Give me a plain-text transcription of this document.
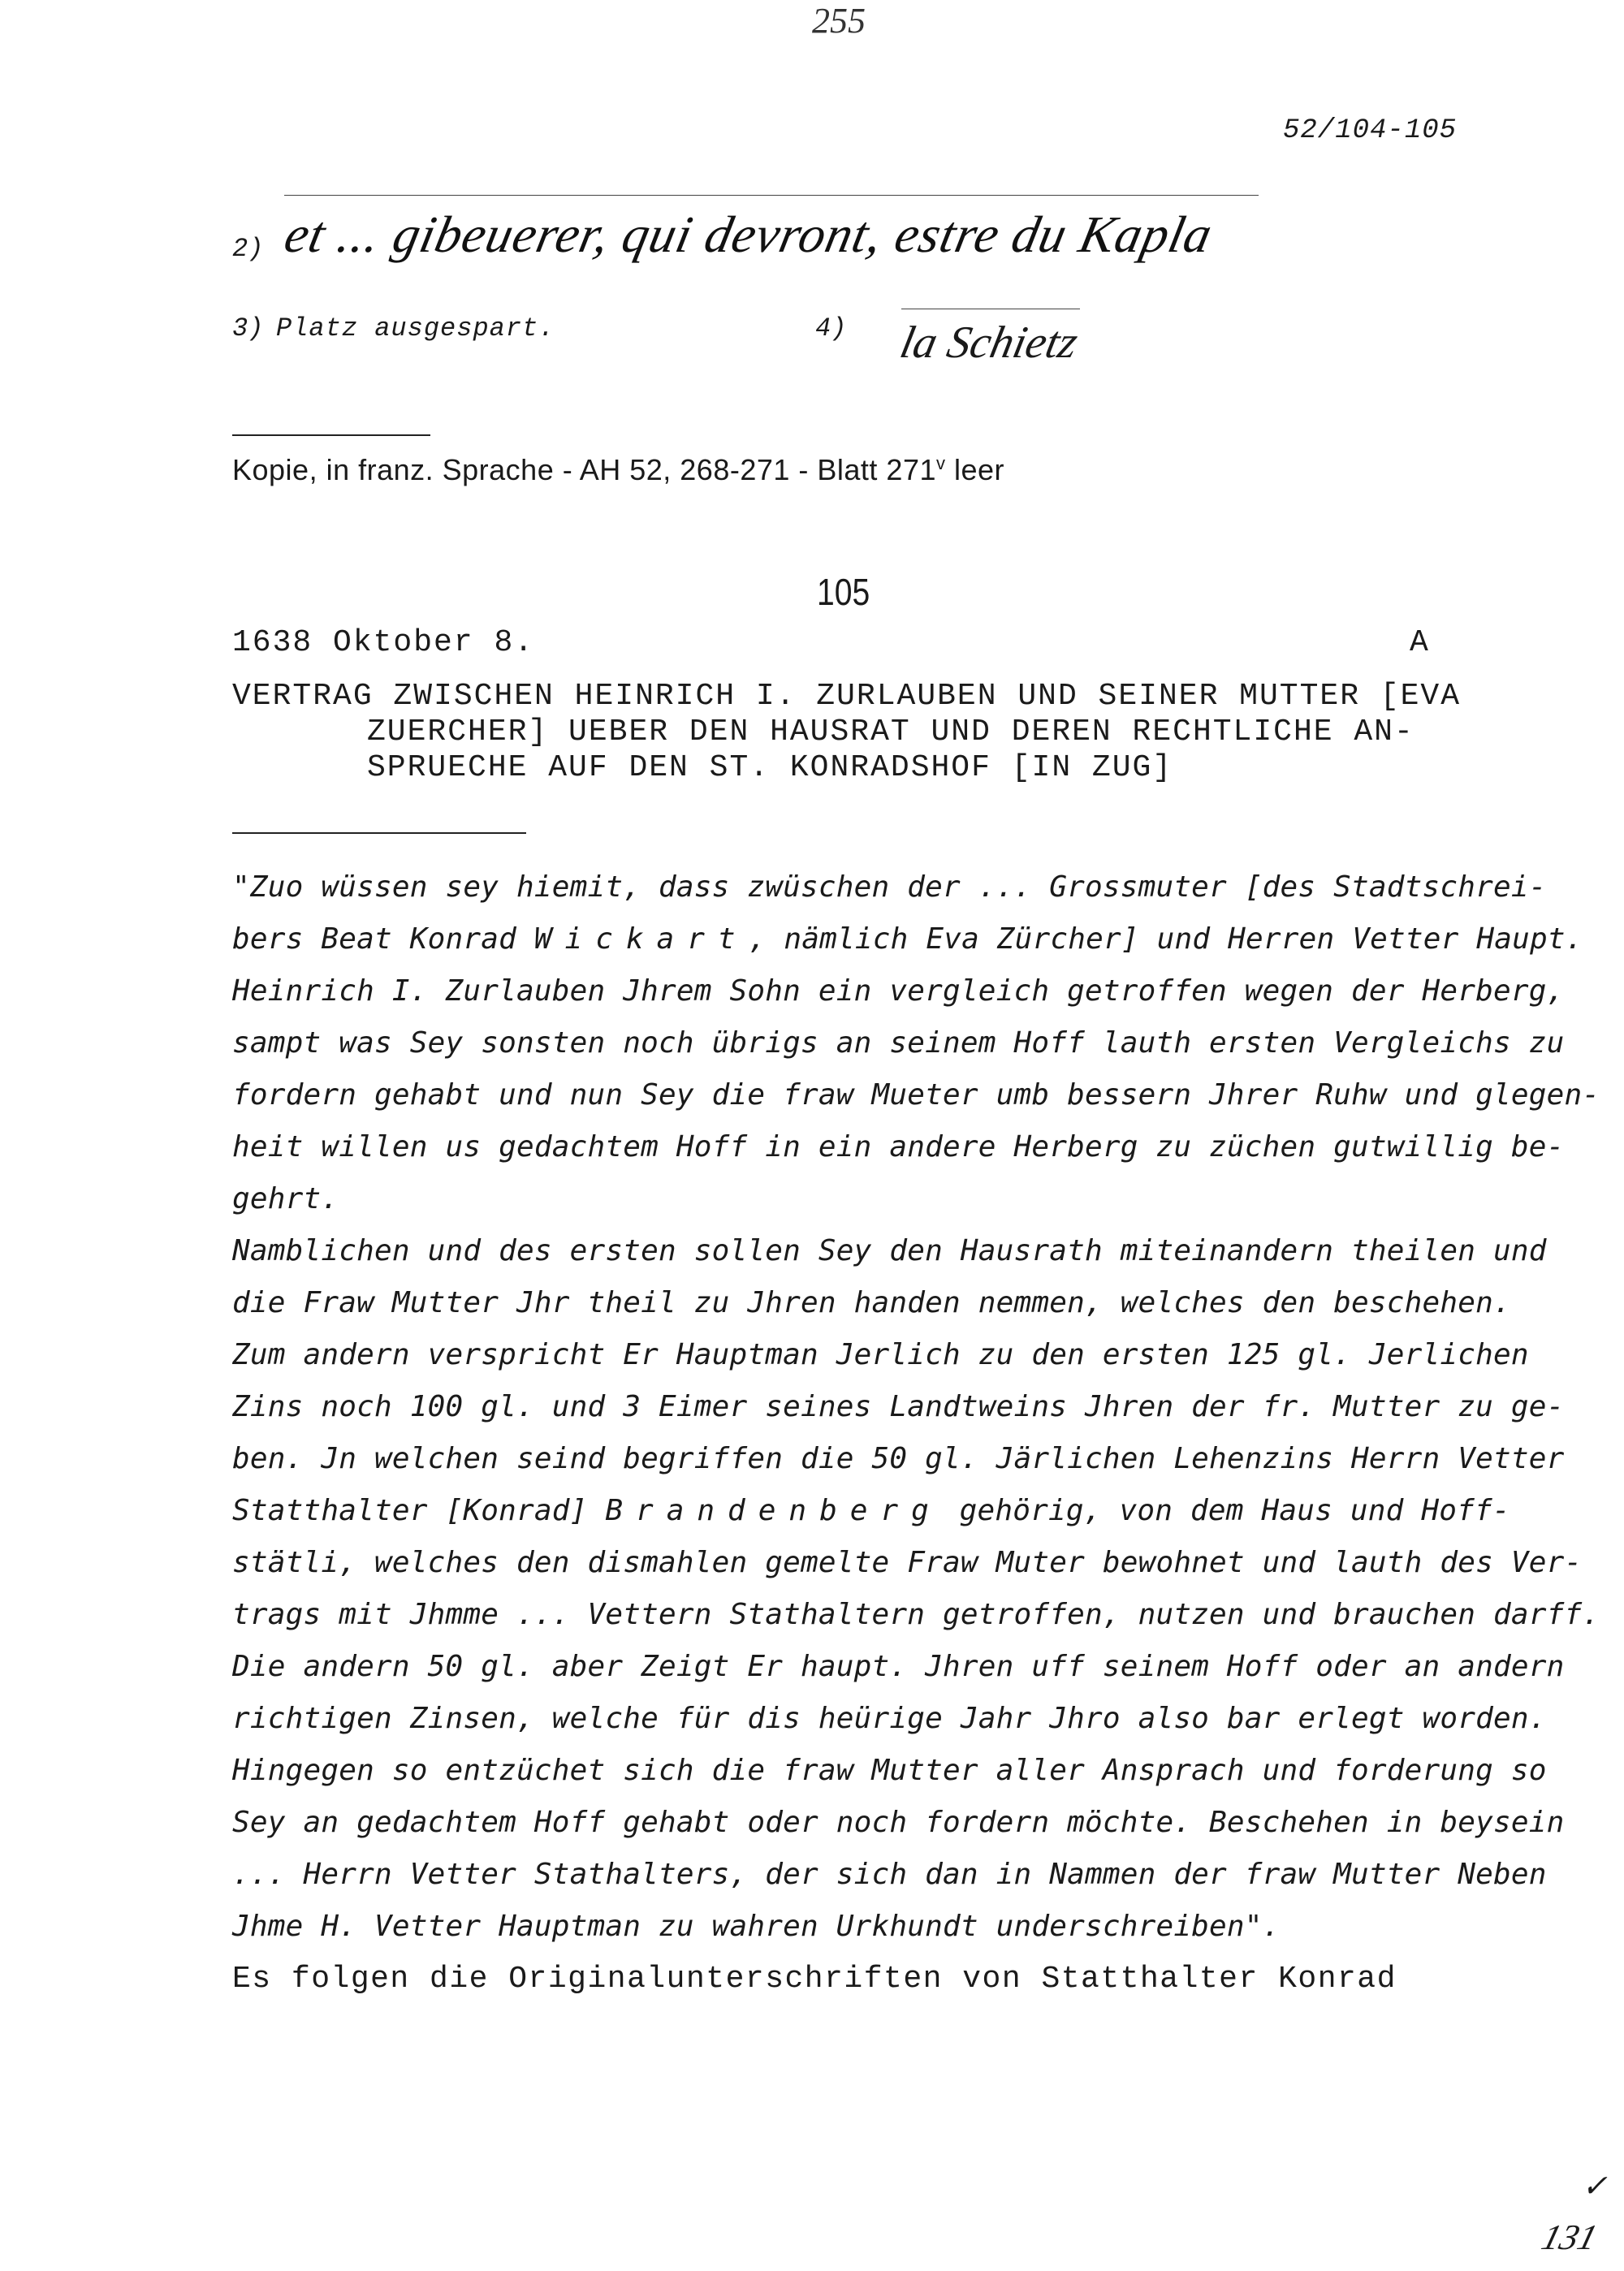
255
52/104-105
2) et ... gibeuerer, qui devront, estre du Kapla
3) Platz ausgespart.	4) la Schietz
Kopie, in franz. Sprache - AH 52, 268-271 - Blatt 271$^v$ leer
105
1638 Oktober 8.	A
VERTRAG ZWISCHEN HEINRICH I. ZURLAUBEN UND SEINER MUTTER [EVA
ZUERCHER] UEBER DEN HAUSRAT UND DEREN RECHTLICHE AN-
SPRUECHE AUF DEN ST. KONRADSHOF [IN ZUG]
"Zuo wüssen sey hiemit, dass zwüschen der ... Grossmuter [des Stadtschrei-
bers Beat Konrad Wickart, nämlich Eva Zürcher] und Herren Vetter Haupt.
Heinrich I. Zurlauben Jhrem Sohn ein vergleich getroffen wegen der Herberg,
sampt was Sey sonsten noch übrigs an seinem Hoff lauth ersten Vergleichs zu
fordern gehabt und nun Sey die fraw Mueter umb bessern Jhrer Ruhw und glegen-
heit willen us gedachtem Hoff in ein andere Herberg zu züchen gutwillig be-
gehrt.
Namblichen und des ersten sollen Sey den Hausrath miteinandern theilen und
die Fraw Mutter Jhr theil zu Jhren handen nemmen, welches den beschehen.
Zum andern verspricht Er Hauptman Jerlich zu den ersten 125 gl. Jerlichen
Zins noch 100 gl. und 3 Eimer seines Landtweins Jhren der fr. Mutter zu ge-
ben. Jn welchen seind begriffen die 50 gl. Järlichen Lehenzins Herrn Vetter
Statthalter [Konrad] Brandenberg gehörig, von dem Haus und Hoff-
stätli, welches den dismahlen gemelte Fraw Muter bewohnet und lauth des Ver-
trags mit Jhmme ... Vettern Stathaltern getroffen, nutzen und brauchen darff.
Die andern 50 gl. aber Zeigt Er haupt. Jhren uff seinem Hoff oder an andern
richtigen Zinsen, welche für dis heürige Jahr Jhro also bar erlegt worden.
Hingegen so entzüchet sich die fraw Mutter aller Ansprach und forderung so
Sey an gedachtem Hoff gehabt oder noch fordern möchte. Beschehen in beysein
... Herrn Vetter Stathalters, der sich dan in Nammen der fraw Mutter Neben
Jhme H. Vetter Hauptman zu wahren Urkhundt underschreiben".
Es folgen die Originalunterschriften von Statthalter Konrad
✓
131
